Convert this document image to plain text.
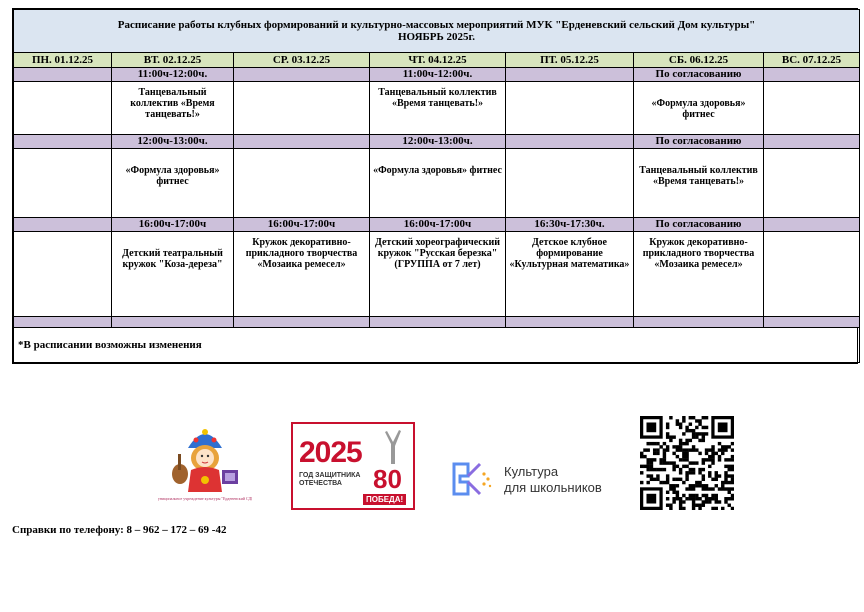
Расписание работы клубных формирований и культурно-массовых мероприятий МУК "Ерденевский сельский Дом культуры"
НОЯБРЬ 2025г.						

ПН. 01.12.25	ВТ. 02.12.25	СР. 03.12.25	ЧТ. 04.12.25	ПТ. 05.12.25	СБ. 06.12.25	ВС. 07.12.25
	11:00ч-12:00ч.		11:00ч-12:00ч.		По согласованию	

	Танцевальный коллектив «Время танцевать!»		Танцевальный коллектив «Время танцевать!»		«Формула здоровья» фитнес	

	12:00ч-13:00ч.		12:00ч-13:00ч.		По согласованию	

	«Формула здоровья» фитнес		«Формула здоровья» фитнес		Танцевальный коллектив «Время танцевать!»	

	16:00ч-17:00ч	16:00ч-17:00ч	16:00ч-17:00ч	16:30ч-17:30ч.	По согласованию	

	Детский театральный кружок "Коза-дереза"	Кружок декоративно-прикладного творчества «Мозаика ремесел»	Детский хореографический кружок "Русская березка" (ГРУППА от 7 лет)	Детское клубное формирование «Культурная математика»	Кружок декоративно-прикладного творчества «Мозаика ремесел»	

*В расписании возможны изменения						
Муниципальное учреждение культуры "Ерденевский СДК"
2025
ГОД ЗАЩИТНИКА ОТЕЧЕСТВА	80
ПОБЕДА!
Культура
для школьников
Справки по телефону: 8 – 962 – 172 – 69 -42
